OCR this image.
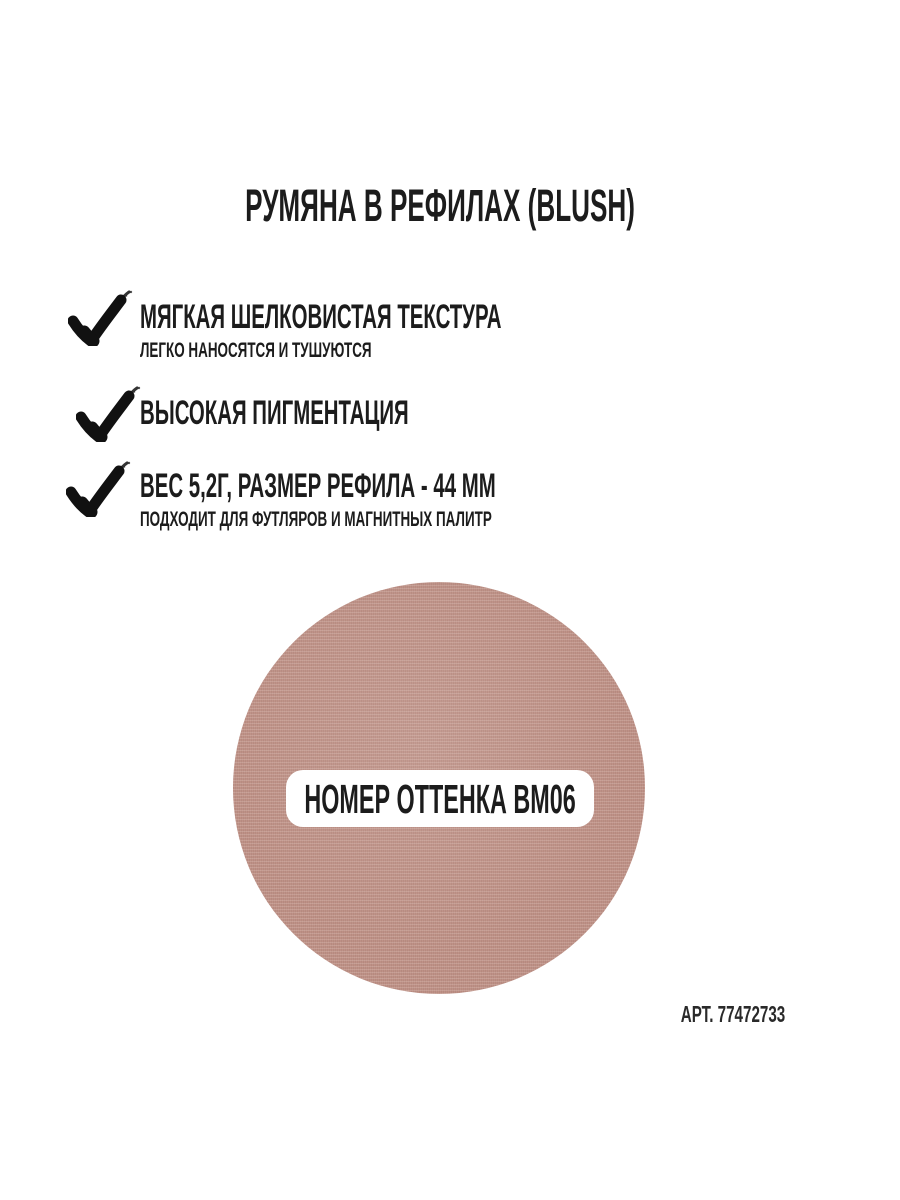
РУМЯНА В РЕФИЛАХ (BLUSH)
МЯГКАЯ ШЕЛКОВИСТАЯ ТЕКСТУРА
ЛЕГКО НАНОСЯТСЯ И ТУШУЮТСЯ
ВЫСОКАЯ ПИГМЕНТАЦИЯ
ВЕС 5,2Г, РАЗМЕР РЕФИЛА - 44 ММ
ПОДХОДИТ ДЛЯ ФУТЛЯРОВ И МАГНИТНЫХ ПАЛИТР
НОМЕР ОТТЕНКА BM06
АРТ. 77472733
